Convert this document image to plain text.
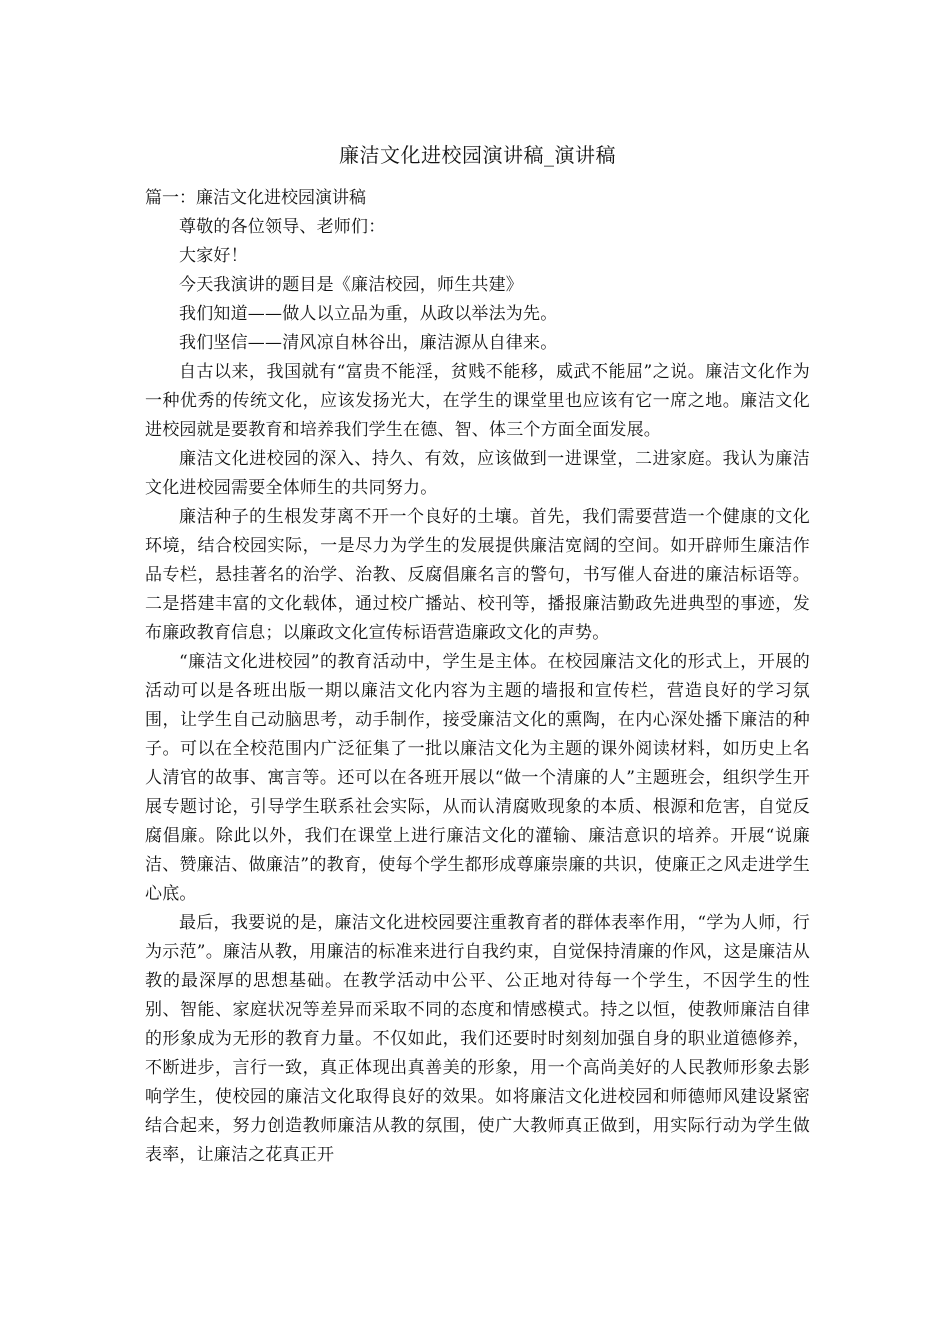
廉洁文化进校园演讲稿_演讲稿

篇一：廉洁文化进校园演讲稿

尊敬的各位领导、老师们：

大家好！

今天我演讲的题目是《廉洁校园，师生共建》

我们知道——做人以立品为重，从政以举法为先。

我们坚信——清风凉自林谷出，廉洁源从自律来。

自古以来，我国就有“富贵不能淫，贫贱不能移，威武不能屈”之说。廉洁文化作为一种优秀的传统文化，应该发扬光大，在学生的课堂里也应该有它一席之地。廉洁文化进校园就是要教育和培养我们学生在德、智、体三个方面全面发展。

廉洁文化进校园的深入、持久、有效，应该做到一进课堂，二进家庭。我认为廉洁文化进校园需要全体师生的共同努力。

廉洁种子的生根发芽离不开一个良好的土壤。首先，我们需要营造一个健康的文化环境，结合校园实际，一是尽力为学生的发展提供廉洁宽阔的空间。如开辟师生廉洁作品专栏，悬挂著名的治学、治教、反腐倡廉名言的警句，书写催人奋进的廉洁标语等。二是搭建丰富的文化载体，通过校广播站、校刊等，播报廉洁勤政先进典型的事迹，发布廉政教育信息；以廉政文化宣传标语营造廉政文化的声势。

“廉洁文化进校园”的教育活动中，学生是主体。在校园廉洁文化的形式上，开展的活动可以是各班出版一期以廉洁文化内容为主题的墙报和宣传栏，营造良好的学习氛围，让学生自己动脑思考，动手制作，接受廉洁文化的熏陶，在内心深处播下廉洁的种子。可以在全校范围内广泛征集了一批以廉洁文化为主题的课外阅读材料，如历史上名人清官的故事、寓言等。还可以在各班开展以“做一个清廉的人”主题班会，组织学生开展专题讨论，引导学生联系社会实际，从而认清腐败现象的本质、根源和危害，自觉反腐倡廉。除此以外，我们在课堂上进行廉洁文化的灌输、廉洁意识的培养。开展“说廉洁、赞廉洁、做廉洁”的教育，使每个学生都形成尊廉崇廉的共识，使廉正之风走进学生心底。

最后，我要说的是，廉洁文化进校园要注重教育者的群体表率作用，“学为人师，行为示范”。廉洁从教，用廉洁的标准来进行自我约束，自觉保持清廉的作风，这是廉洁从教的最深厚的思想基础。在教学活动中公平、公正地对待每一个学生，不因学生的性别、智能、家庭状况等差异而采取不同的态度和情感模式。持之以恒，使教师廉洁自律的形象成为无形的教育力量。不仅如此，我们还要时时刻刻加强自身的职业道德修养，不断进步，言行一致，真正体现出真善美的形象，用一个高尚美好的人民教师形象去影响学生，使校园的廉洁文化取得良好的效果。如将廉洁文化进校园和师德师风建设紧密结合起来，努力创造教师廉洁从教的氛围，使广大教师真正做到，用实际行动为学生做表率，让廉洁之花真正开
